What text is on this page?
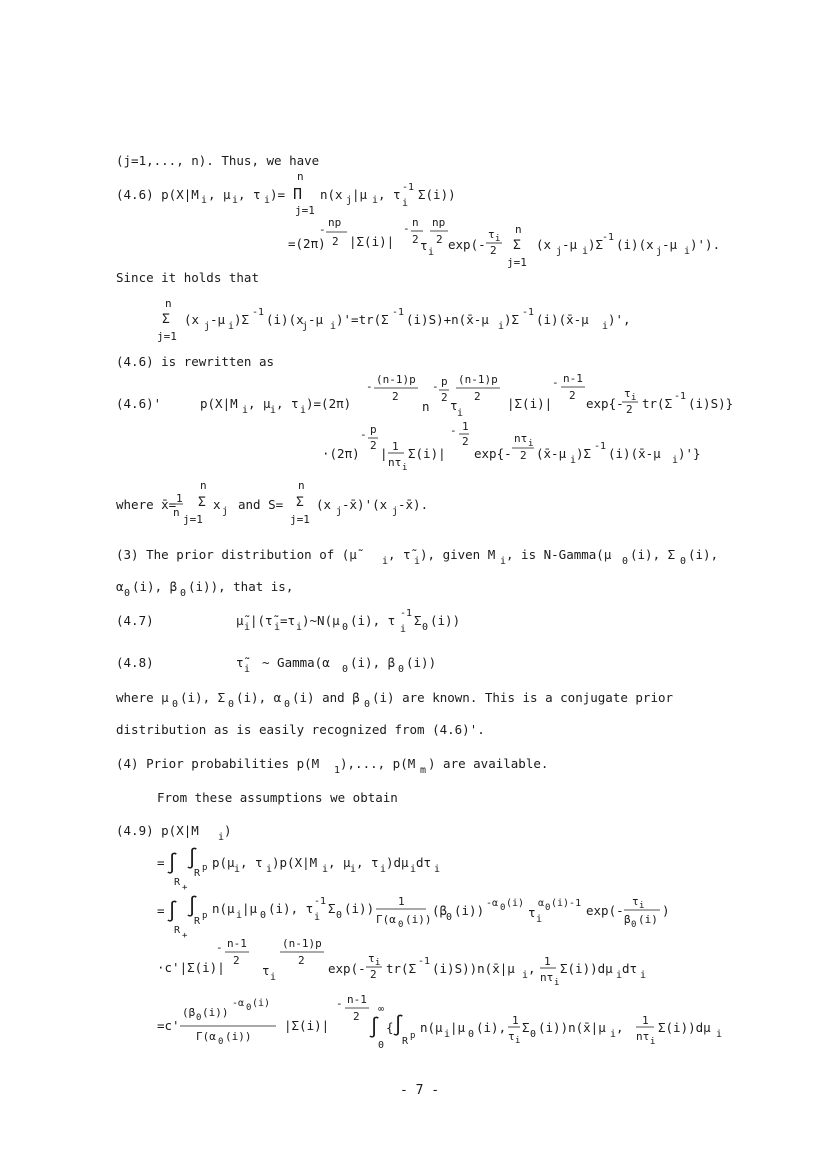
(j=1,..., n). Thus, we have
(4.6) p(X|M i , μ i , τ i )=
n
Π
j=1
n(x j |μ i , τ -1
i
Σ(i))
=(2π)
np
-
2 |Σ(i)|
n
-
2
np
2
τ i
exp(-
τ i
2
n
Σ
j=1
(x j -μ i )Σ
-1 (i)(x j -μ i )').
Since it holds that
n
Σ
j=1
(x j -μ i )Σ -1 (i)(x
j -μ i )'=tr(Σ -1 (i)S)+n(x̄-μ i )Σ -1 (i)(x̄-μ i )',
(4.6) is rewritten as
(4.6)'	p(X|M i , μ i , τ i )=(2π)
-
(n-1)p
2
n
- p
2
τ
i
(n-1)p
2 |Σ(i)|
- n-1
2
exp{-
τ i
2 tr(Σ -1 (i)S)}
·(2π)
- p
2
| 1
nτ i
Σ(i)|
- 1
2
exp{-
nτ i
2 (x̄-μ i )Σ -1 (i)(x̄-μ i )'}
where x̄= 1
n
n
Σ
j=1
x j and S=
n
Σ
j=1
(x j -x̄)'(x j -x̄).
(3) The prior distribution of (μ̃	i , τ̃ i ), given M i , is N-Gamma(μ 0 (i), Σ 0 (i),
α 0 (i), β 0 (i)), that is,
(4.7)	μ̃ i |(τ̃ i =τ i )~N(μ 0 (i), τ -1
i
Σ 0 (i))
(4.8)	τ̃ i ~ Gamma(α 0 (i), β 0 (i))
where μ 0 (i), Σ 0 (i), α 0 (i) and β 0 (i) are known. This is a conjugate prior
distribution as is easily recognized from (4.6)'.
(4) Prior probabilities p(M 1 ),..., p(M m ) are available.
From these assumptions we obtain
(4.9) p(X|M i )
= ∫
R +
∫
R p p(μ i , τ i )p(X|M i , μ i , τ i )dμ i dτ i
= ∫
R +
∫
R p n(μ i |μ 0 (i), τ -1
i
Σ 0 (i)) 1
Γ(α 0 (i))
(β
0 (i)) -α 0 (i)
τ i
α 0 (i)-1 exp(-
τ i
β 0 (i)
)
·c'|Σ(i)|
- n-1
2
τ i
(n-1)p
2
exp(-
τ i
2 tr(Σ -1 (i)S))n(x̄|μ i , 1
nτ i
Σ(i))dμ i dτ i
=c'
(β 0 (i))
-α 0 (i)
Γ(α 0 (i))
|Σ(i)|
- n-1
2 ∫
∞
0
{
∫
R p
n(μ i |μ 0 (i), 1
τ i
Σ 0 (i))n(x̄|μ i , 1
nτ i
Σ(i))dμ i
- 7 -
